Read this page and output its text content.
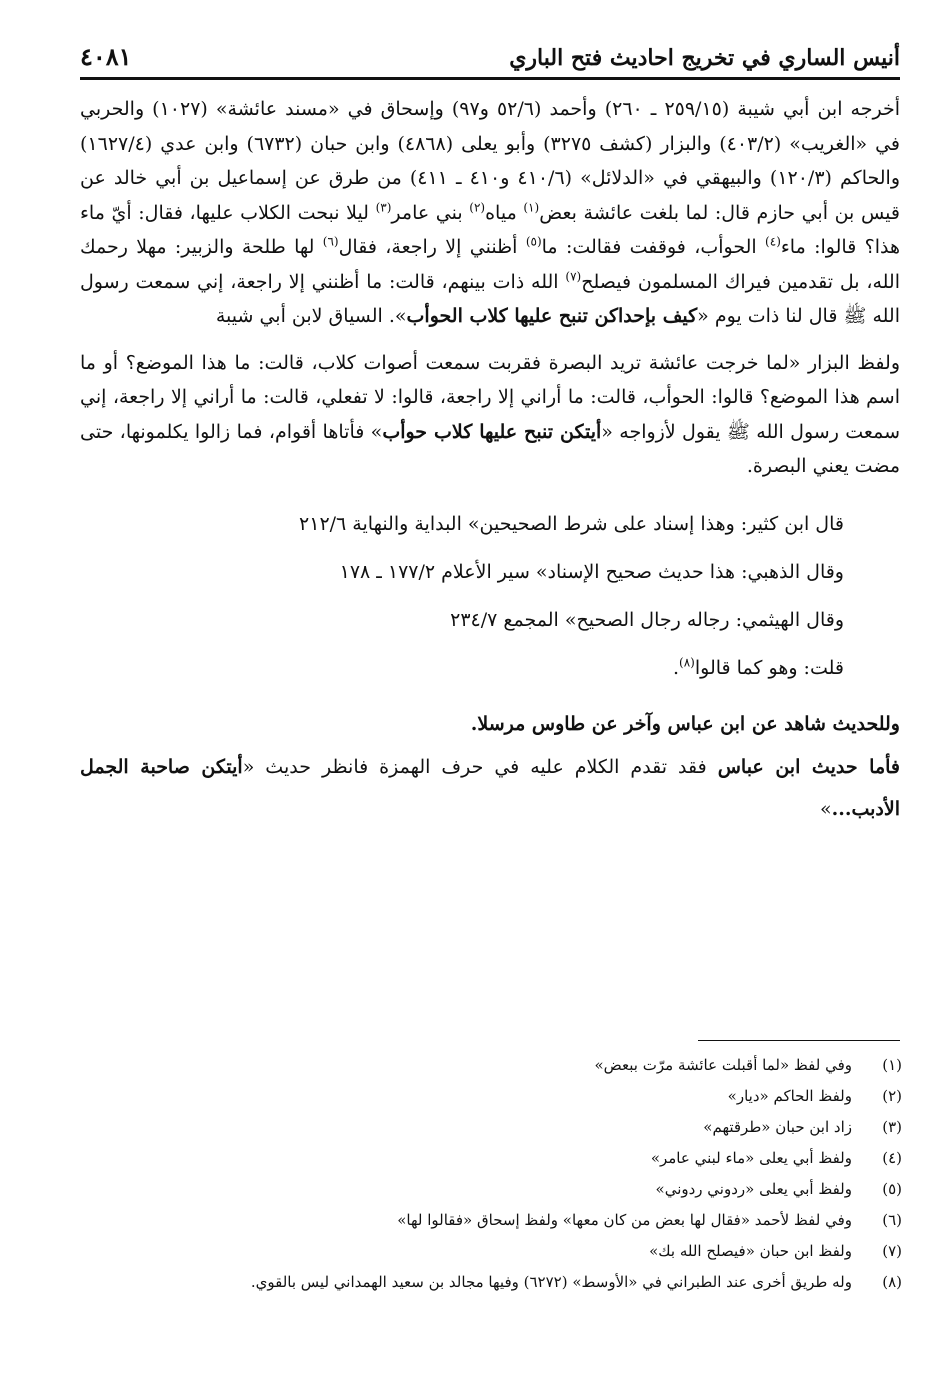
أنيس الساري في تخريج احاديث فتح الباري
٤٠٨١

أخرجه ابن أبي شيبة (٢٥٩/١٥ ـ ٢٦٠) وأحمد (٥٢/٦ و٩٧) وإسحاق في «مسند عائشة» (١٠٢٧) والحربي في «الغريب» (٤٠٣/٢) والبزار (كشف ٣٢٧٥) وأبو يعلى (٤٨٦٨) وابن حبان (٦٧٣٢) وابن عدي (١٦٢٧/٤) والحاكم (١٢٠/٣) والبيهقي في «الدلائل» (٤١٠/٦ و٤١٠ ـ ٤١١) من طرق عن إسماعيل بن أبي خالد عن قيس بن أبي حازم قال: لما بلغت عائشة بعض$^{(١)}$ مياه$^{(٢)}$ بني عامر$^{(٣)}$ ليلا نبحت الكلاب عليها، فقال: أيّ ماء هذا؟ قالوا: ماء$^{(٤)}$ الحوأب، فوقفت فقالت: ما$^{(٥)}$ أظنني إلا راجعة، فقال$^{(٦)}$ لها طلحة والزبير: مهلا رحمك الله، بل تقدمين فيراك المسلمون فيصلح$^{(٧)}$ الله ذات بينهم، قالت: ما أظنني إلا راجعة، إني سمعت رسول الله ﷺ قال لنا ذات يوم «كيف بإحداكن تنبح عليها كلاب الحوأب». السياق لابن أبي شيبة

ولفظ البزار «لما خرجت عائشة تريد البصرة فقربت سمعت أصوات كلاب، قالت: ما هذا الموضع؟ أو ما اسم هذا الموضع؟ قالوا: الحوأب، قالت: ما أراني إلا راجعة، قالوا: لا تفعلي، قالت: ما أراني إلا راجعة، إني سمعت رسول الله ﷺ يقول لأزواجه «أيتكن تنبح عليها كلاب حوأب» فأتاها أقوام، فما زالوا يكلمونها، حتى مضت يعني البصرة.

قال ابن كثير: وهذا إسناد على شرط الصحيحين» البداية والنهاية ٢١٢/٦
وقال الذهبي: هذا حديث صحيح الإسناد» سير الأعلام ١٧٧/٢ ـ ١٧٨
وقال الهيثمي: رجاله رجال الصحيح» المجمع ٢٣٤/٧
قلت: وهو كما قالوا$^{(٨)}$.
وللحديث شاهد عن ابن عباس وآخر عن طاوس مرسلا.
فأما حديث ابن عباس فقد تقدم الكلام عليه في حرف الهمزة فانظر حديث «أيتكن صاحبة الجمل الأدبب...»
(١)
وفي لفظ «لما أقبلت عائشة مرّت ببعض»
(٢)
ولفظ الحاكم «ديار»
(٣)
زاد ابن حبان «طرقتهم»
(٤)
ولفظ أبي يعلى «ماء لبني عامر»
(٥)
ولفظ أبي يعلى «ردوني ردوني»
(٦)
وفي لفظ لأحمد «فقال لها بعض من كان معها» ولفظ إسحاق «فقالوا لها»
(٧)
ولفظ ابن حبان «فيصلح الله بك»
(٨)
وله طريق أخرى عند الطبراني في «الأوسط» (٦٢٧٢) وفيها مجالد بن سعيد الهمداني ليس بالقوي.
